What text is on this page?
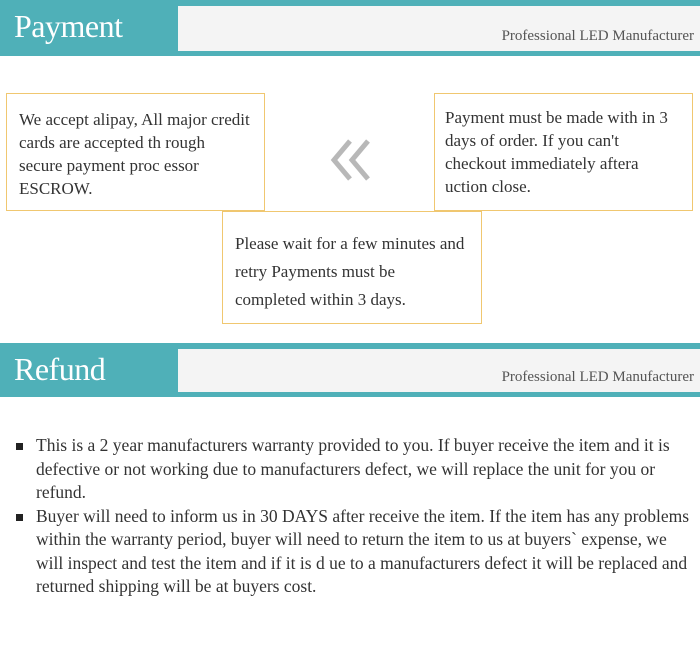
Payment	Professional LED Manufacturer
We accept alipay, All major credit cards are accepted th rough secure payment proc essor ESCROW.
Payment must be made with in 3 days of order. If you can't checkout immediately aftera uction close.
Please wait for a few minutes and retry Payments must be completed within 3 days.
Refund	Professional LED Manufacturer
This is a 2 year manufacturers warranty provided to you. If buyer receive the item and it is defective or not working due to manufacturers defect, we will replace the unit for you or refund.
Buyer will need to inform us in 30 DAYS after receive the item. If the item has any problems within the warranty period, buyer will need to return the item to us at buyers` expense, we will inspect and test the item and if it is d ue to a manufacturers defect it will be replaced and returned shipping will be at buyers cost.
